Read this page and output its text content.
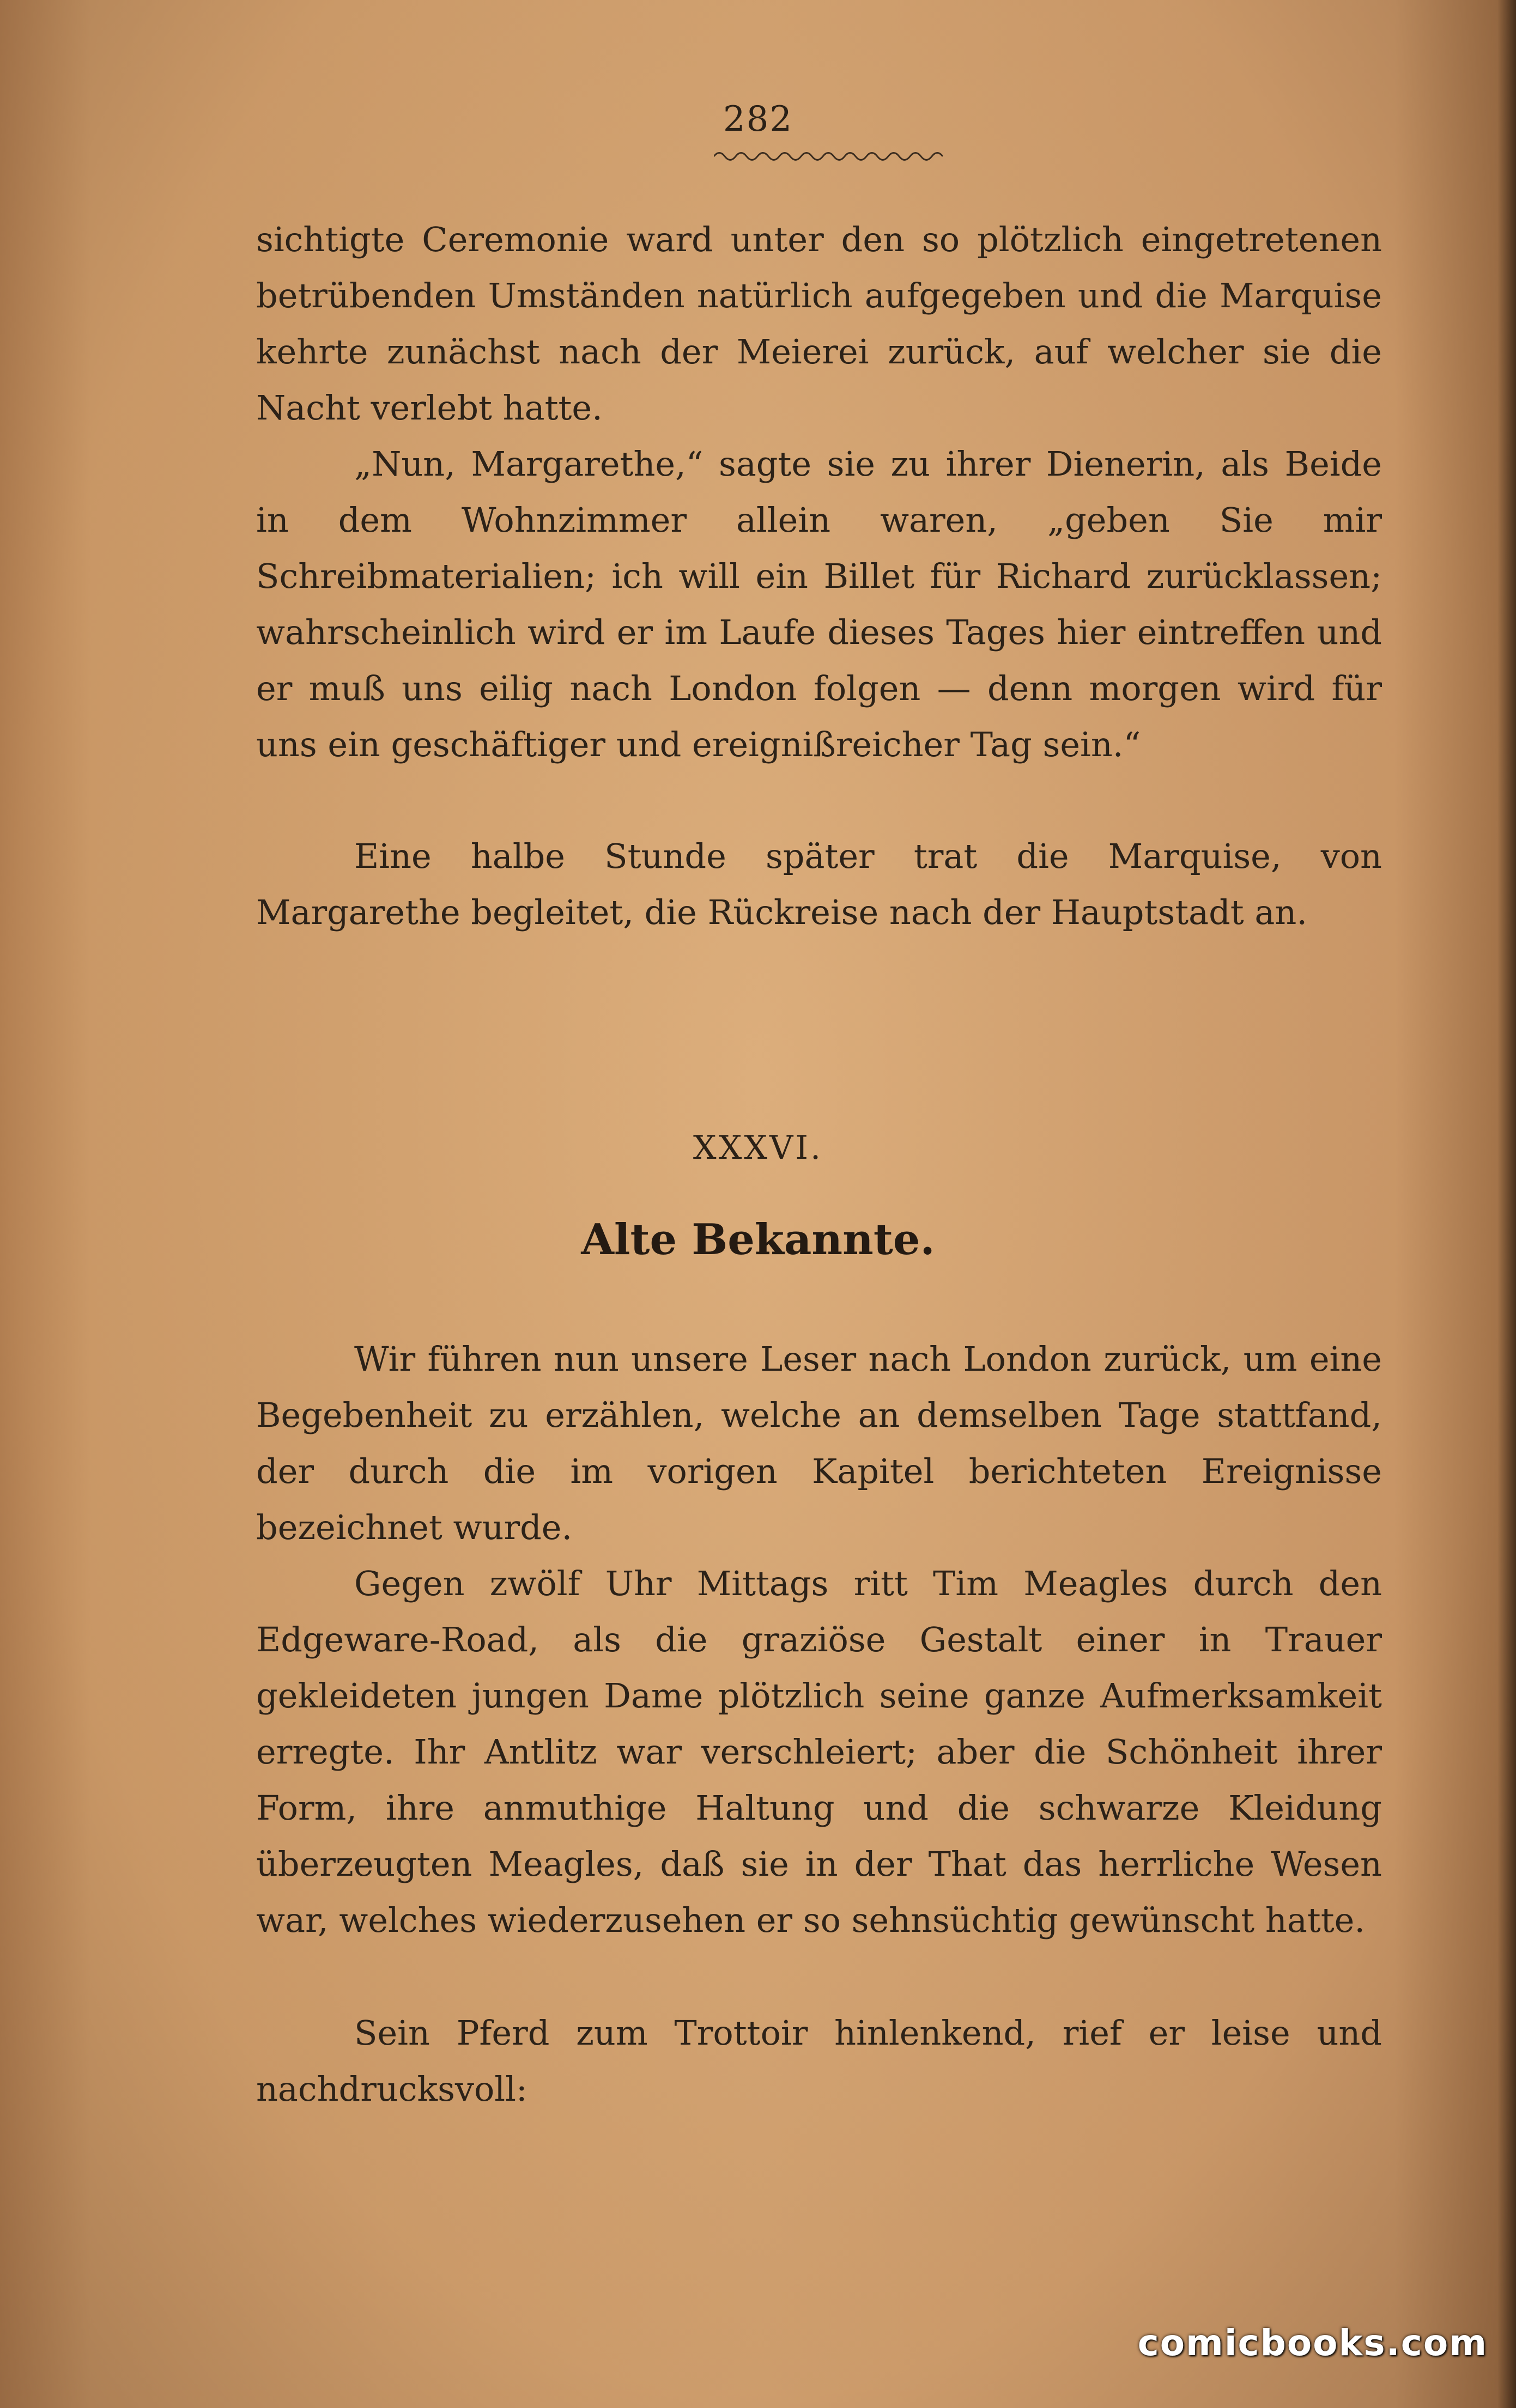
282

sichtigte Ceremonie ward unter den so plötzlich eingetretenen betrübenden Umständen natürlich aufgegeben und die Marquise kehrte zunächst nach der Meierei zurück, auf welcher sie die Nacht verlebt hatte.

„Nun, Margarethe,“ sagte sie zu ihrer Dienerin, als Beide in dem Wohnzimmer allein waren, „geben Sie mir Schreibmaterialien; ich will ein Billet für Richard zurücklassen; wahrscheinlich wird er im Laufe dieses Tages hier eintreffen und er muß uns eilig nach London folgen — denn morgen wird für uns ein geschäftiger und ereignißreicher Tag sein.“

Eine halbe Stunde später trat die Marquise, von Margarethe begleitet, die Rückreise nach der Hauptstadt an.

XXXVI.
Alte Bekannte.

Wir führen nun unsere Leser nach London zurück, um eine Begebenheit zu erzählen, welche an demselben Tage stattfand, der durch die im vorigen Kapitel berichteten Ereignisse bezeichnet wurde.

Gegen zwölf Uhr Mittags ritt Tim Meagles durch den Edgeware-Road, als die graziöse Gestalt einer in Trauer gekleideten jungen Dame plötzlich seine ganze Aufmerksamkeit erregte. Ihr Antlitz war verschleiert; aber die Schönheit ihrer Form, ihre anmuthige Haltung und die schwarze Kleidung überzeugten Meagles, daß sie in der That das herrliche Wesen war, welches wiederzusehen er so sehnsüchtig gewünscht hatte.

Sein Pferd zum Trottoir hinlenkend, rief er leise und nachdrucksvoll:

comicbooks.com
